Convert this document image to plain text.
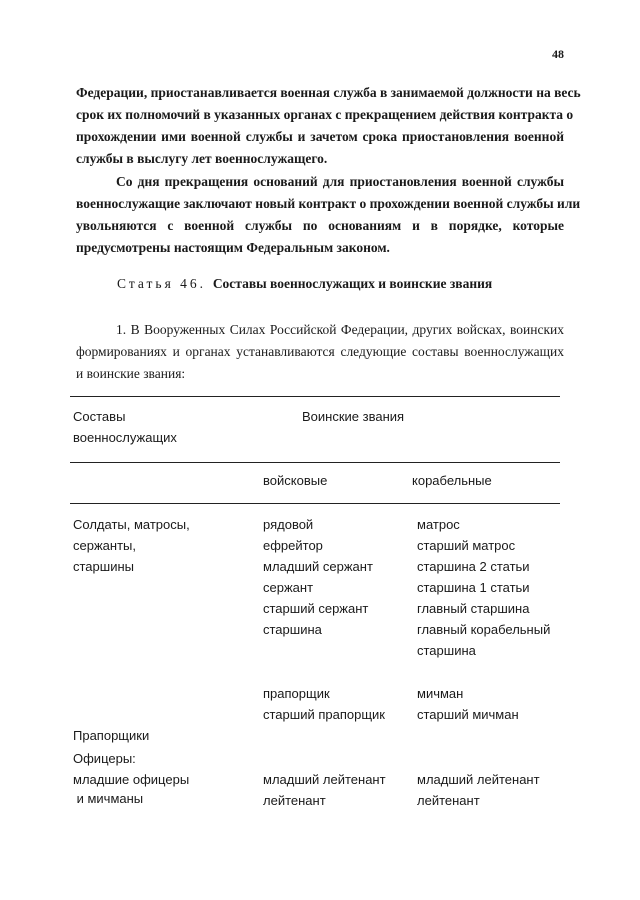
48

Федерации, приостанавливается военная служба в занимаемой должности на весь
срок их полномочий в указанных органах с прекращением действия контракта о
прохождении ими военной службы и зачетом срока приостановления военной
службы в выслугу лет военнослужащего.

Со дня прекращения оснований для приостановления военной службы
военнослужащие заключают новый контракт о прохождении военной службы или
увольняются с военной службы по основаниям и в порядке, которые
предусмотрены настоящим Федеральным законом.

Статья 46. Составы военнослужащих и воинские звания

1. В Вооруженных Силах Российской Федерации, других войсках, воинских
формированиях и органах устанавливаются следующие составы военнослужащих
и воинские звания:

Составы
военнослужащих
Воинские звания
войсковые	корабельные
Солдаты, матросы,
сержанты,
старшины
рядовой
ефрейтор
младший сержант
сержант
старший сержант
старшина
матрос
старший матрос
старшина 2 статьи
старшина 1 статьи
главный старшина
главный корабельный
старшина

Прапорщики

и мичманы

прапорщик
старший прапорщик
мичман
старший мичман
Офицеры:
младшие офицеры	младший лейтенант
лейтенант
младший лейтенант
лейтенант
